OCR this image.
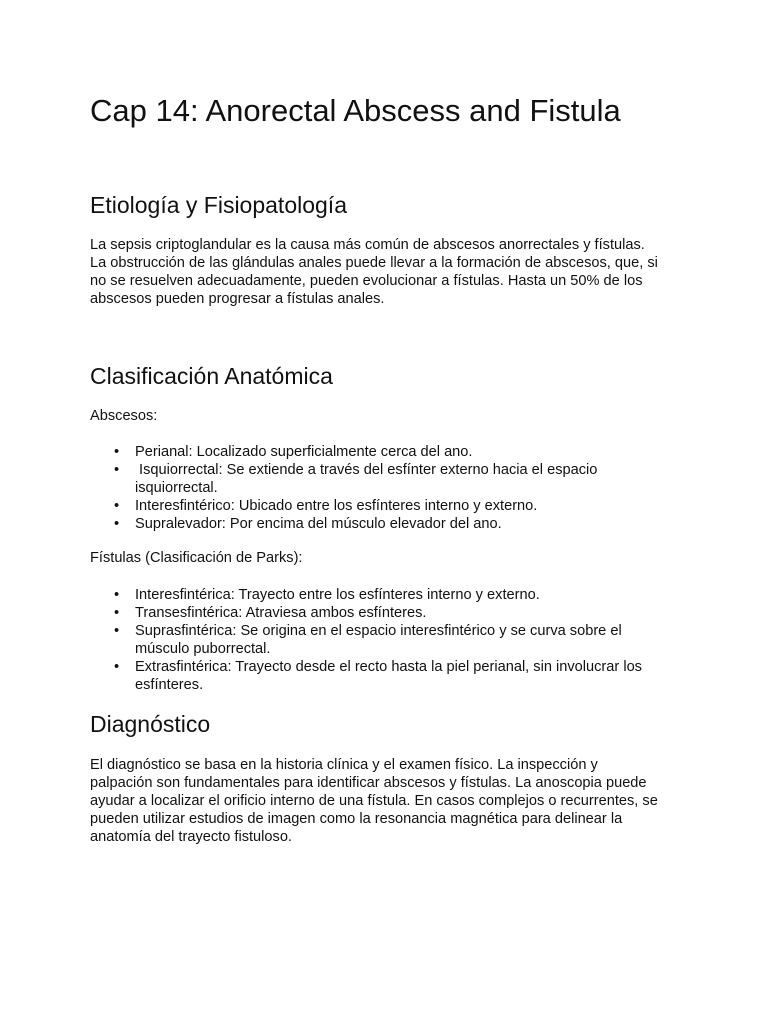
Cap 14: Anorectal Abscess and Fistula
Etiología y Fisiopatología

La sepsis criptoglandular es la causa más común de abscesos anorrectales y fístulas.
La obstrucción de las glándulas anales puede llevar a la formación de abscesos, que, si
no se resuelven adecuadamente, pueden evolucionar a fístulas. Hasta un 50% de los
abscesos pueden progresar a fístulas anales.

Clasificación Anatómica

Abscesos:

• Perianal: Localizado superficialmente cerca del ano.
• Isquiorrectal: Se extiende a través del esfínter externo hacia el espacio
isquiorrectal.
• Interesfintérico: Ubicado entre los esfínteres interno y externo.
• Supralevador: Por encima del músculo elevador del ano.

Fístulas (Clasificación de Parks):

• Interesfintérica: Trayecto entre los esfínteres interno y externo.
• Transesfintérica: Atraviesa ambos esfínteres.
• Suprasfintérica: Se origina en el espacio interesfintérico y se curva sobre el
músculo puborrectal.
• Extrasfintérica: Trayecto desde el recto hasta la piel perianal, sin involucrar los
esfínteres.
Diagnóstico

El diagnóstico se basa en la historia clínica y el examen físico. La inspección y
palpación son fundamentales para identificar abscesos y fístulas. La anoscopia puede
ayudar a localizar el orificio interno de una fístula. En casos complejos o recurrentes, se
pueden utilizar estudios de imagen como la resonancia magnética para delinear la
anatomía del trayecto fistuloso.
